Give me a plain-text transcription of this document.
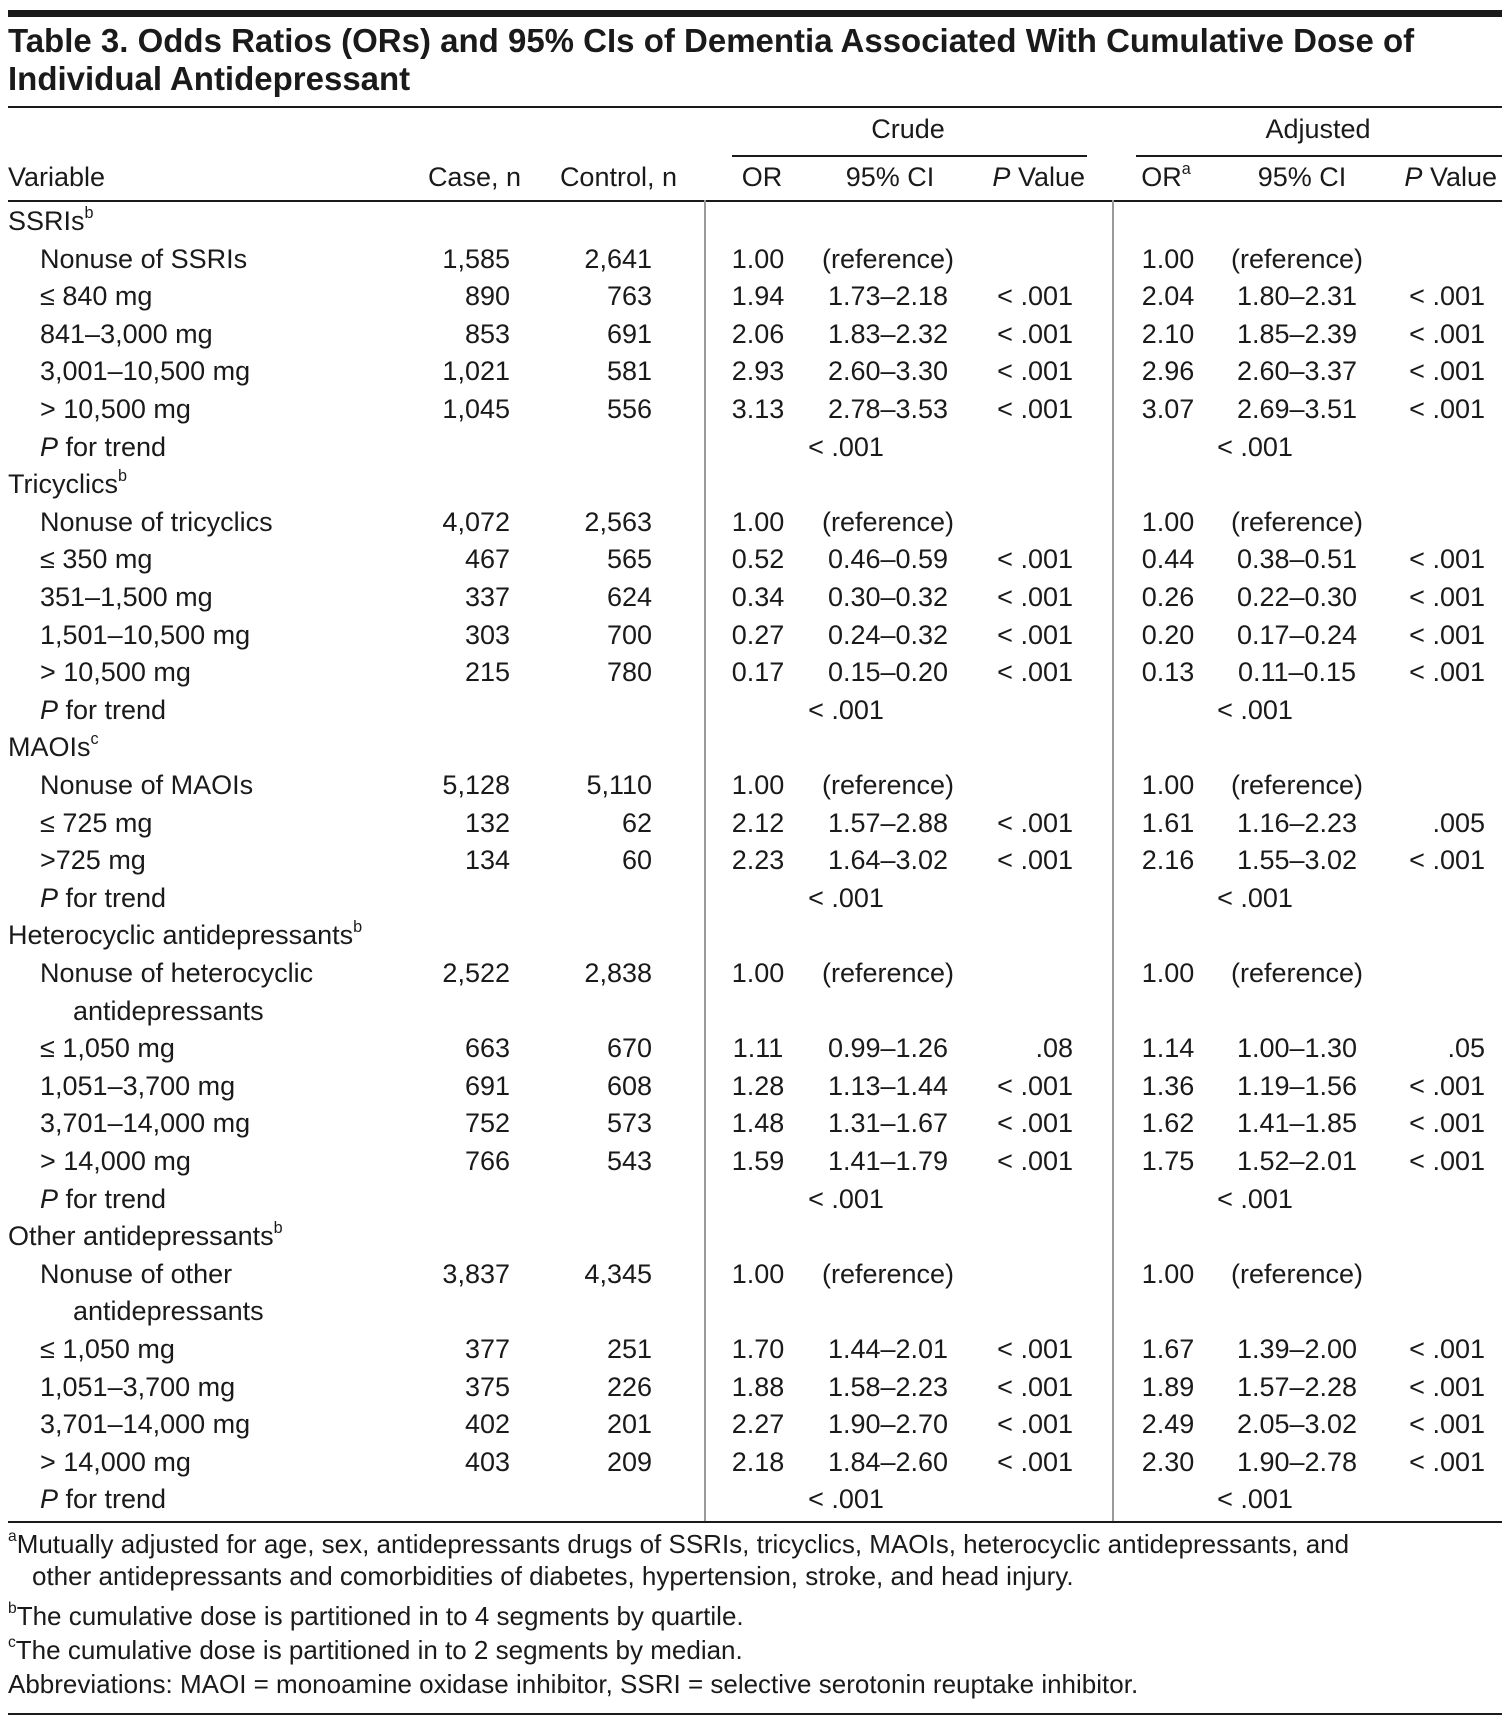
Table 3. Odds Ratios (ORs) and 95% CIs of Dementia Associated With Cumulative Dose of
Individual Antidepressant
Crude	Adjusted
Variable	Case, n Control, n OR 95% CI P Value $OR^a$ 95% CI P Value
SSRIs$^b$
Nonuse of SSRIs	1,585	2,641	1.00 (reference)	1.00 (reference)
≤ 840 mg	890	763	1.94 1.73–2.18 < .001	2.04 1.80–2.31 < .001
841–3,000 mg	853	691	2.06 1.83–2.32 < .001	2.10 1.85–2.39 < .001
3,001–10,500 mg	1,021	581	2.93 2.60–3.30 < .001	2.96 2.60–3.37 < .001
> 10,500 mg	1,045	556	3.13 2.78–3.53 < .001	3.07 2.69–3.51 < .001
P for trend	< .001	< .001
Tricyclics$^b$
Nonuse of tricyclics	4,072	2,563	1.00 (reference)	1.00 (reference)
≤ 350 mg	467	565	0.52 0.46–0.59 < .001	0.44 0.38–0.51 < .001
351–1,500 mg	337	624	0.34 0.30–0.32 < .001	0.26 0.22–0.30 < .001
1,501–10,500 mg	303	700	0.27 0.24–0.32 < .001	0.20 0.17–0.24 < .001
> 10,500 mg	215	780	0.17 0.15–0.20 < .001	0.13 0.11–0.15 < .001
P for trend	< .001	< .001
MAOIs$^c$
Nonuse of MAOIs	5,128	5,110	1.00 (reference)	1.00 (reference)
≤ 725 mg	132	62	2.12 1.57–2.88 < .001	1.61 1.16–2.23	.005
>725 mg	134	60	2.23 1.64–3.02 < .001	2.16 1.55–3.02 < .001
P for trend	< .001	< .001
Heterocyclic antidepressants$^b$
Nonuse of heterocyclic	2,522	2,838	1.00 (reference)	1.00 (reference)
antidepressants
≤ 1,050 mg	663	670	1.11 0.99–1.26	.08	1.14 1.00–1.30	.05
1,051–3,700 mg	691	608	1.28 1.13–1.44 < .001	1.36 1.19–1.56 < .001
3,701–14,000 mg	752	573	1.48 1.31–1.67 < .001	1.62 1.41–1.85 < .001
> 14,000 mg	766	543	1.59 1.41–1.79 < .001	1.75 1.52–2.01 < .001
P for trend	< .001	< .001
Other antidepressants$^b$
Nonuse of other	3,837	4,345	1.00 (reference)	1.00 (reference)
antidepressants
≤ 1,050 mg	377	251	1.70 1.44–2.01 < .001	1.67 1.39–2.00 < .001
1,051–3,700 mg	375	226	1.88 1.58–2.23 < .001	1.89 1.57–2.28 < .001
3,701–14,000 mg	402	201	2.27 1.90–2.70 < .001	2.49 2.05–3.02 < .001
> 14,000 mg	403	209	2.18 1.84–2.60 < .001	2.30 1.90–2.78 < .001
P for trend	< .001	< .001
$^a$Mutually adjusted for age, sex, antidepressants drugs of SSRIs, tricyclics, MAOIs, heterocyclic antidepressants, and
other antidepressants and comorbidities of diabetes, hypertension, stroke, and head injury.
$^b$The cumulative dose is partitioned in to 4 segments by quartile.
$^c$The cumulative dose is partitioned in to 2 segments by median.
Abbreviations: MAOI = monoamine oxidase inhibitor, SSRI = selective serotonin reuptake inhibitor.
